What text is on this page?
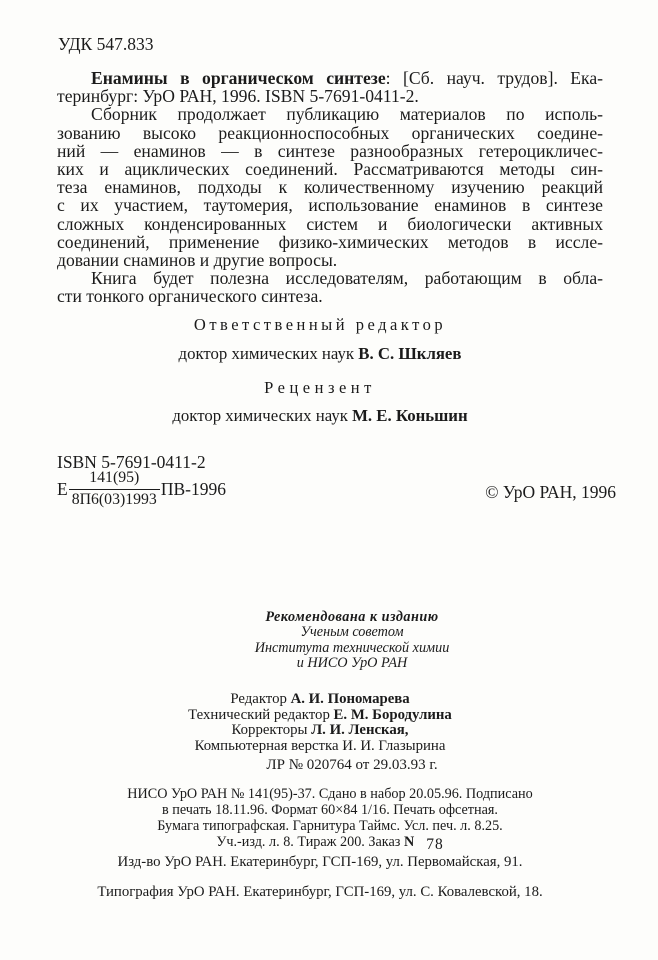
УДК 547.833
Енамины в органическом синтезе: [Сб. науч. трудов]. Ека-
теринбург: УрО РАН, 1996. ISBN 5-7691-0411-2.
Сборник продолжает публикацию материалов по исполь-
зованию высоко реакционноспособных органических соедине-
ний — енаминов — в синтезе разнообразных гетероцикличес-
ких и ациклических соединений. Рассматриваются методы син-
теза енаминов, подходы к количественному изучению реакций
с их участием, таутомерия, использование енаминов в синтезе
сложных конденсированных систем и биологически активных
соединений, применение физико-химических методов в иссле-
довании снаминов и другие вопросы.
Книга будет полезна исследователям, работающим в обла-
сти тонкого органического синтеза.
Ответственный редактор
доктор химических наук В. С. Шкляев
Рецензент
доктор химических наук М. Е. Коньшин
ISBN 5-7691-0411-2
Е $\frac{141(95)}{8П6(03)1993} ПВ-1996$	© УрО РАН, 1996
Рекомендована к изданию
Ученым советом
Института технической химии
и НИСО УрО РАН
Редактор А. И. Пономарева
Технический редактор Е. М. Бородулина
Корректоры Л. И. Ленская,
Компьютерная верстка И. И. Глазырина
ЛР № 020764 от 29.03.93 г.
НИСО УрО РАН № 141(95)-37. Сдано в набор 20.05.96. Подписано
в печать 18.11.96. Формат 60×84 1/16. Печать офсетная.
Бумага типографская. Гарнитура Таймс. Усл. печ. л. 8.25.
Уч.-изд. л. 8. Тираж 200. Заказ N 78
Изд-во УрО РАН. Екатеринбург, ГСП-169, ул. Первомайская, 91.
Типография УрО РАН. Екатеринбург, ГСП-169, ул. С. Ковалевской, 18.
